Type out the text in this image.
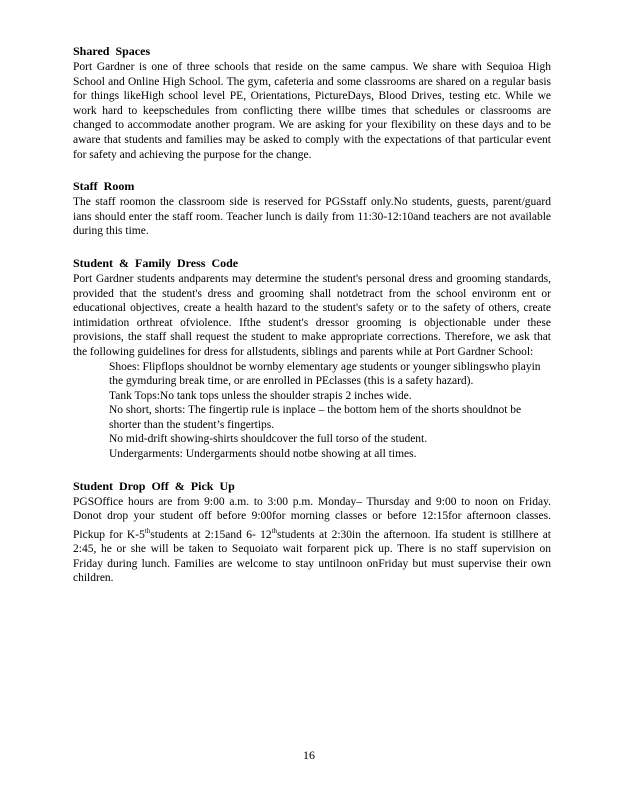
Shared Spaces

Port Gardner is one of three schools that reside on the same campus. We share with Sequioa High School and Online High School. The gym, cafeteria and some classrooms are shared on a regular basis for things likeHigh school level PE, Orientations, PictureDays, Blood Drives, testing etc. While we work hard to keepschedules from conflicting there willbe times that schedules or classrooms are changed to accommodate another program. We are asking for your flexibility on these days and to be aware that students and families may be asked to comply with the expectations of that particular event for safety and achieving the purpose for the change.

Staff Room

The staff roomon the classroom side is reserved for PGSstaff only.No students, guests, parent/guard ians should enter the staff room. Teacher lunch is daily from 11:30-12:10and teachers are not available during this time.

Student & Family Dress Code

Port Gardner students andparents may determine the student's personal dress and grooming standards, provided that the student's dress and grooming shall notdetract from the school environm ent or educational objectives, create a health hazard to the student's safety or to the safety of others, create intimidation orthreat ofviolence. Ifthe student's dressor grooming is objectionable under these provisions, the staff shall request the student to make appropriate corrections. Therefore, we ask that the following guidelines for dress for allstudents, siblings and parents while at Port Gardner School:

Shoes: Flipflops shouldnot be wornby elementary age students or younger siblingswho playin the gymduring break time, or are enrolled in PEclasses (this is a safety hazard).
Tank Tops:No tank tops unless the shoulder strapis 2 inches wide.
No short, shorts: The fingertip rule is inplace – the bottom hem of the shorts shouldnot be shorter than the student’s fingertips.
No mid-drift showing-shirts shouldcover the full torso of the student.
Undergarments: Undergarments should notbe showing at all times.
Student Drop Off & Pick Up

PGSOffice hours are from 9:00 a.m. to 3:00 p.m. Monday– Thursday and 9:00 to noon on Friday. Donot drop your student off before 9:00for morning classes or before 12:15for afternoon classes. Pickup for K-5thstudents at 2:15and 6- 12thstudents at 2:30in the afternoon. Ifa student is stillhere at 2:45, he or she will be taken to Sequoiato wait forparent pick up. There is no staff supervision on Friday during lunch. Families are welcome to stay untilnoon onFriday but must supervise their own children.

16
